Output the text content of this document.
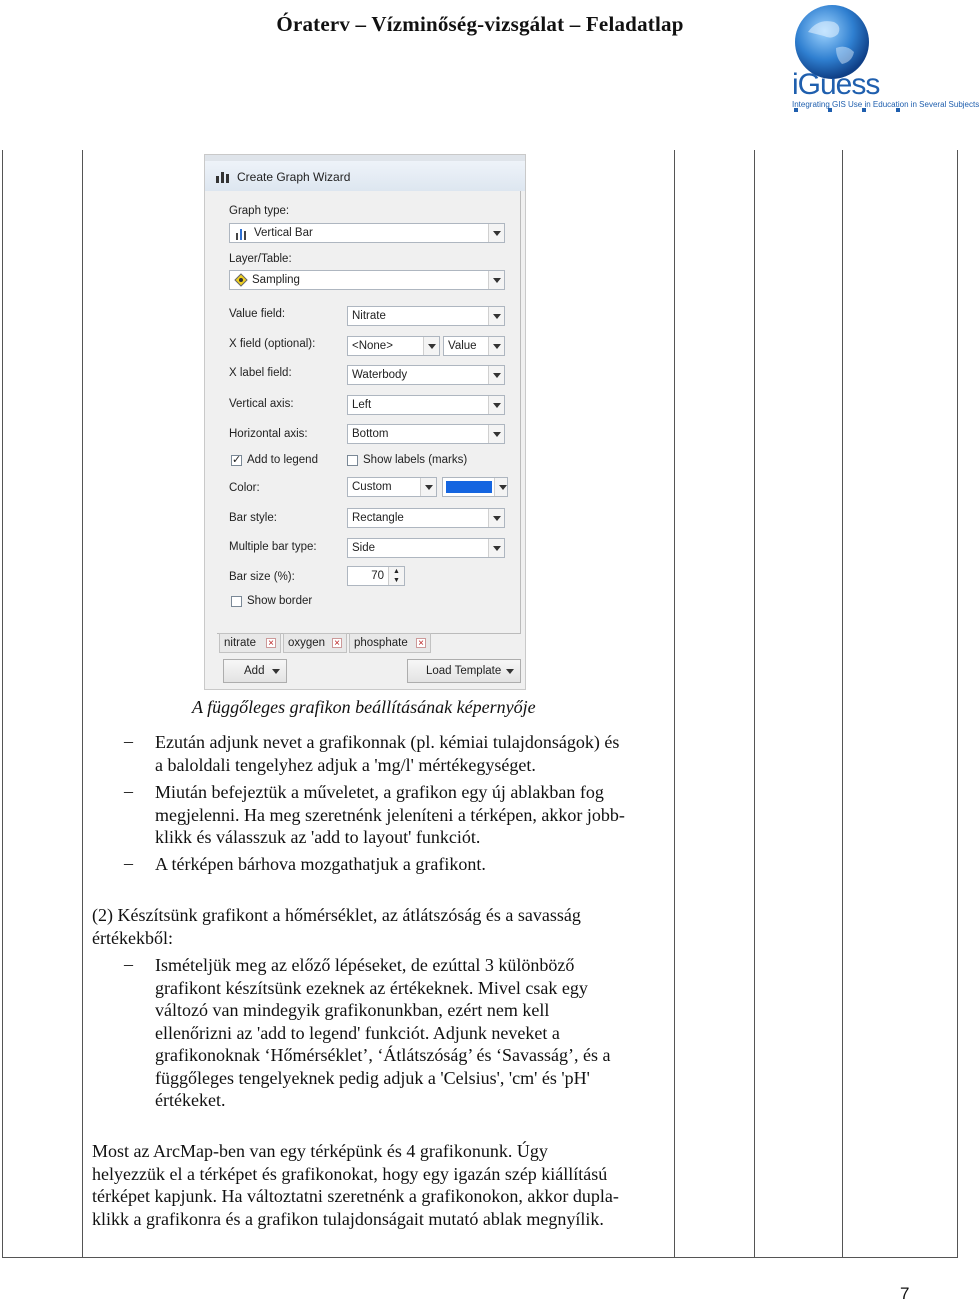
Óraterv – Vízminőség-vizsgálat – Feladatlap
iGuess
Integrating GIS Use in Education in Several Subjects
Create Graph Wizard
Graph type:
Vertical Bar
Layer/Table:
Sampling
Value field:	Nitrate
X field (optional):	<None>	Value
X label field:	Waterbody
Vertical axis:	Left
Horizontal axis:	Bottom
✓
Add to legend	Show labels (marks)
Color:	Custom
Bar style:	Rectangle
Multiple bar type:	Side
Bar size (%):	70	▲
▼
Show border
nitrate × oxygen × phosphate ×
Add	Load Template
A függőleges grafikon beállításának képernyője
– Ezután adjunk nevet a grafikonnak (pl. kémiai tulajdonságok) és
a baloldali tengelyhez adjuk a 'mg/l' mértékegységet.
– Miután befejeztük a műveletet, a grafikon egy új ablakban fog
megjelenni. Ha meg szeretnénk jeleníteni a térképen, akkor jobb-
klikk és válasszuk az 'add to layout' funkciót.
– A térképen bárhova mozgathatjuk a grafikont.
(2) Készítsünk grafikont a hőmérséklet, az átlátszóság és a savasság
értékekből:
– Ismételjük meg az előző lépéseket, de ezúttal 3 különböző
grafikont készítsünk ezeknek az értékeknek. Mivel csak egy
változó van mindegyik grafikonunkban, ezért nem kell
ellenőrizni az 'add to legend' funkciót. Adjunk neveket a
grafikonoknak ‘Hőmérséklet’, ‘Átlátszóság’ és ‘Savasság’, és a
függőleges tengelyeknek pedig adjuk a 'Celsius', 'cm' és 'pH'
értékeket.
Most az ArcMap-ben van egy térképünk és 4 grafikonunk. Úgy
helyezzük el a térképet és grafikonokat, hogy egy igazán szép kiállítású
térképet kapjunk. Ha változtatni szeretnénk a grafikonokon, akkor dupla-
klikk a grafikonra és a grafikon tulajdonságait mutató ablak megnyílik.
7
